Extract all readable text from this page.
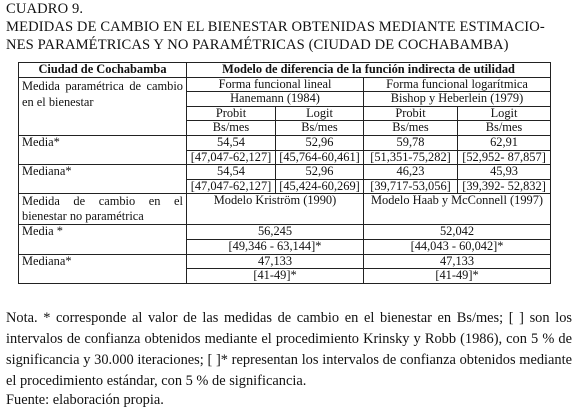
CUADRO 9.
MEDIDAS DE CAMBIO EN EL BIENESTAR OBTENIDAS MEDIANTE ESTIMACIO-
NES PARAMÉTRICAS Y NO PARAMÉTRICAS (CIUDAD DE COCHABAMBA)
Ciudad de Cochabamba	Modelo de diferencia de la función indirecta de utilidad			
Medida paramétrica de cambio en el bienestar	Forma funcional lineal		Forma funcional logarítmica	
	Hanemann (1984)		Bishop y Heberlein (1979)	
	Probit	Logit	Probit	Logit
	Bs/mes	Bs/mes	Bs/mes	Bs/mes
Media*	54,54	52,96	59,78	62,91
	[47,047-62,127]	[45,764-60,461]	[51,351-75,282]	[52,952- 87,857]
Mediana*	54,54	52,96	46,23	45,93
	[47,047-62,127]	[45,424-60,269]	[39,717-53,056]	[39,392- 52,832]
Medida de cambio en el bienestar no paramétrica	Modelo Kriström (1990)		Modelo Haab y McConnell (1997)	
Media *	56,245		52,042	
	[49,346 - 63,144]*		[44,043 - 60,042]*	
Mediana*	47,133		47,133	
	[41-49]*		[41-49]*	
Nota. * corresponde al valor de las medidas de cambio en el bienestar en Bs/mes; [ ] son los intervalos de confianza obtenidos mediante el procedimiento Krinsky y Robb (1986), con 5 % de significancia y 30.000 iteraciones; [ ]* representan los intervalos de confianza obtenidos mediante el procedimiento estándar, con 5 % de significancia.
Fuente: elaboración propia.
